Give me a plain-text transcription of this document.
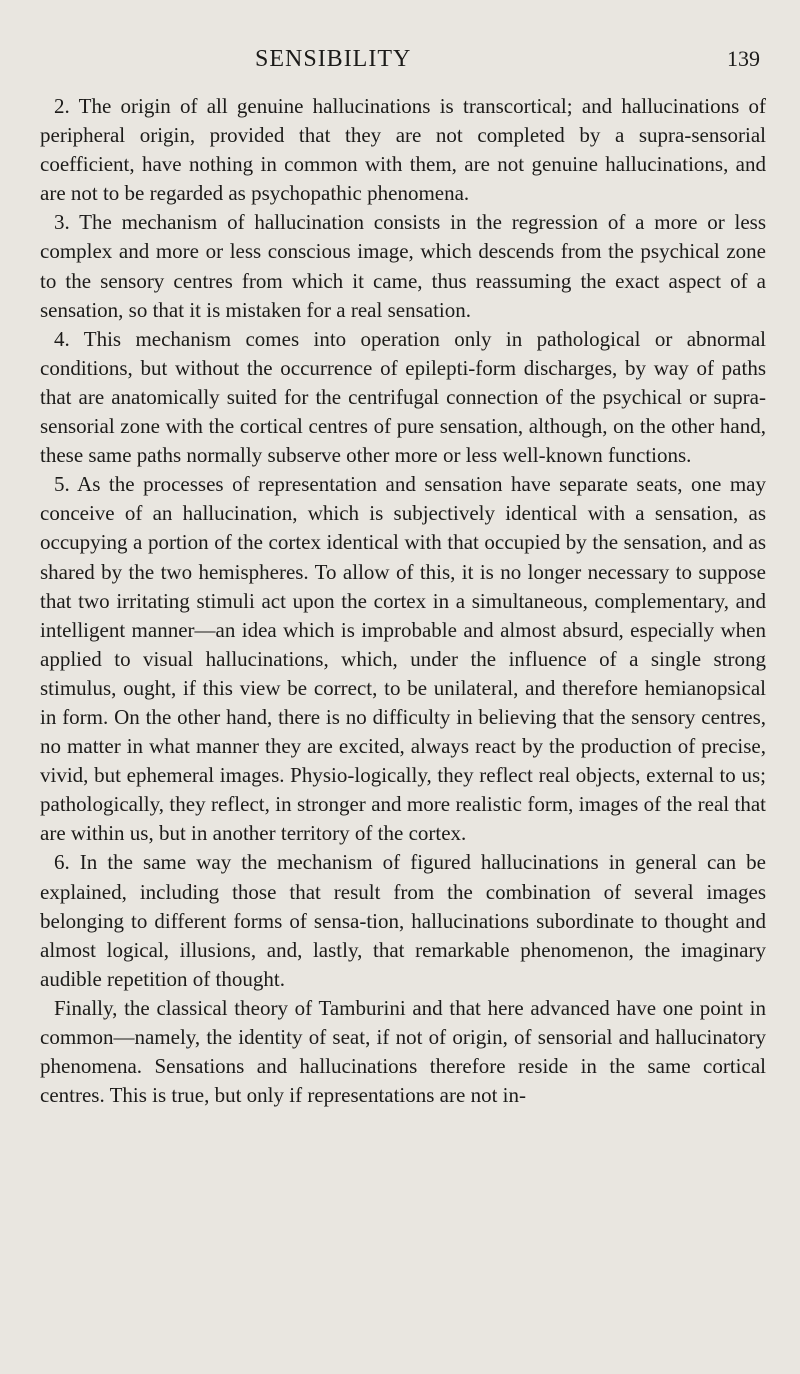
SENSIBILITY	139

2. The origin of all genuine hallucinations is transcortical; and hallucinations of peripheral origin, provided that they are not completed by a supra-sensorial coefficient, have nothing in common with them, are not genuine hallucinations, and are not to be regarded as psychopathic phenomena.

3. The mechanism of hallucination consists in the regression of a more or less complex and more or less conscious image, which descends from the psychical zone to the sensory centres from which it came, thus reassuming the exact aspect of a sensation, so that it is mistaken for a real sensation.

4. This mechanism comes into operation only in pathological or abnormal conditions, but without the occurrence of epilepti-form discharges, by way of paths that are anatomically suited for the centrifugal connection of the psychical or supra-sensorial zone with the cortical centres of pure sensation, although, on the other hand, these same paths normally subserve other more or less well-known functions.

5. As the processes of representation and sensation have separate seats, one may conceive of an hallucination, which is subjectively identical with a sensation, as occupying a portion of the cortex identical with that occupied by the sensation, and as shared by the two hemispheres. To allow of this, it is no longer necessary to suppose that two irritating stimuli act upon the cortex in a simultaneous, complementary, and intelligent manner—an idea which is improbable and almost absurd, especially when applied to visual hallucinations, which, under the influence of a single strong stimulus, ought, if this view be correct, to be unilateral, and therefore hemianopsical in form. On the other hand, there is no difficulty in believing that the sensory centres, no matter in what manner they are excited, always react by the production of precise, vivid, but ephemeral images. Physio-logically, they reflect real objects, external to us; pathologically, they reflect, in stronger and more realistic form, images of the real that are within us, but in another territory of the cortex.

6. In the same way the mechanism of figured hallucinations in general can be explained, including those that result from the combination of several images belonging to different forms of sensa-tion, hallucinations subordinate to thought and almost logical, illusions, and, lastly, that remarkable phenomenon, the imaginary audible repetition of thought.

Finally, the classical theory of Tamburini and that here advanced have one point in common—namely, the identity of seat, if not of origin, of sensorial and hallucinatory phenomena. Sensations and hallucinations therefore reside in the same cortical centres. This is true, but only if representations are not in-
